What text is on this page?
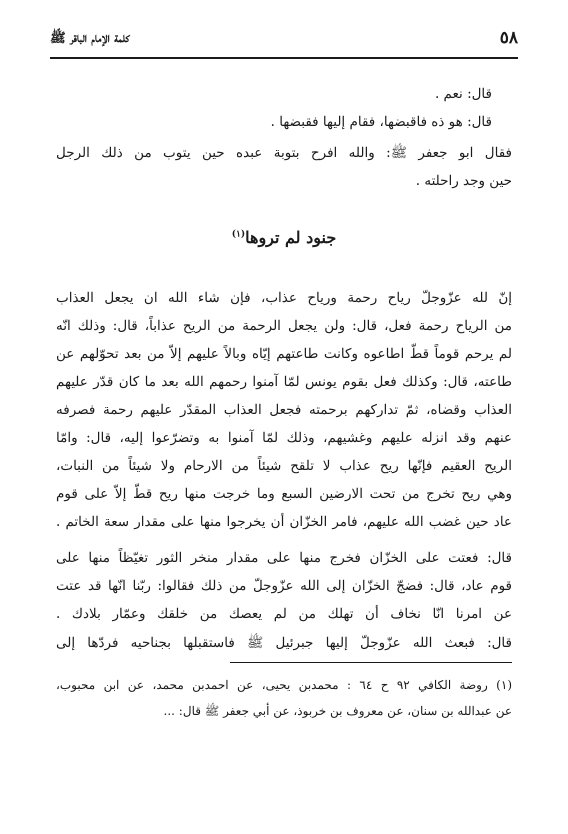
٥٨
كلمة الإمام الباقر ﷺ
قال: نعم .
قال: هو ذه فاقبضها، فقام إليها فقبضها .
فقال ابو جعفر ﷺ: والله افرح بتوبة عبده حين يتوب من ذلك الرجل
حين وجد راحلته .
جنود لم تروها$^{(١)}$
إنّ لله عزّوجلّ رياح رحمة ورياح عذاب، فإن شاء الله ان يجعل العذاب
من الرياح رحمة فعل، قال: ولن يجعل الرحمة من الريح عذاباً، قال: وذلك انّه
لم يرحم قوماً قطّ اطاعوه وكانت طاعتهم إيّاه وبالاً عليهم إلاّ من بعد تحوّلهم عن
طاعته، قال: وكذلك فعل بقوم يونس لمّا آمنوا رحمهم الله بعد ما كان قدّر عليهم
العذاب وقضاه، ثمّ تداركهم برحمته فجعل العذاب المقدّر عليهم رحمة فصرفه
عنهم وقد انزله عليهم وغشيهم، وذلك لمّا آمنوا به وتضرّعوا إليه، قال: وامّا
الريح العقيم فإنّها ريح عذاب لا تلقح شيئاً من الارحام ولا شيئاً من النبات،
وهي ريح تخرج من تحت الارضين السبع وما خرجت منها ريح قطّ إلاّ على قوم
عاد حين غضب الله عليهم، فامر الخزّان أن يخرجوا منها على مقدار سعة الخاتم .
قال: فعتت على الخزّان فخرج منها على مقدار منخر الثور تغيّظاً منها على
قوم عاد، قال: فضجّ الخزّان إلى الله عزّوجلّ من ذلك فقالوا: ربّنا انّها قد عتت
عن امرنا انّا نخاف أن تهلك من لم يعصك من خلقك وعمّار بلادك .
قال: فبعث الله عزّوجلّ إليها جبرئيل ﷺ فاستقبلها بجناحيه فردّها إلى
(١) روضة الكافي ٩٢ ح ٦٤ : محمدبن يحيى، عن احمدبن محمد، عن ابن محبوب،
عن عبدالله بن سنان، عن معروف بن خربوذ، عن أبي جعفر ﷺ قال: ...
